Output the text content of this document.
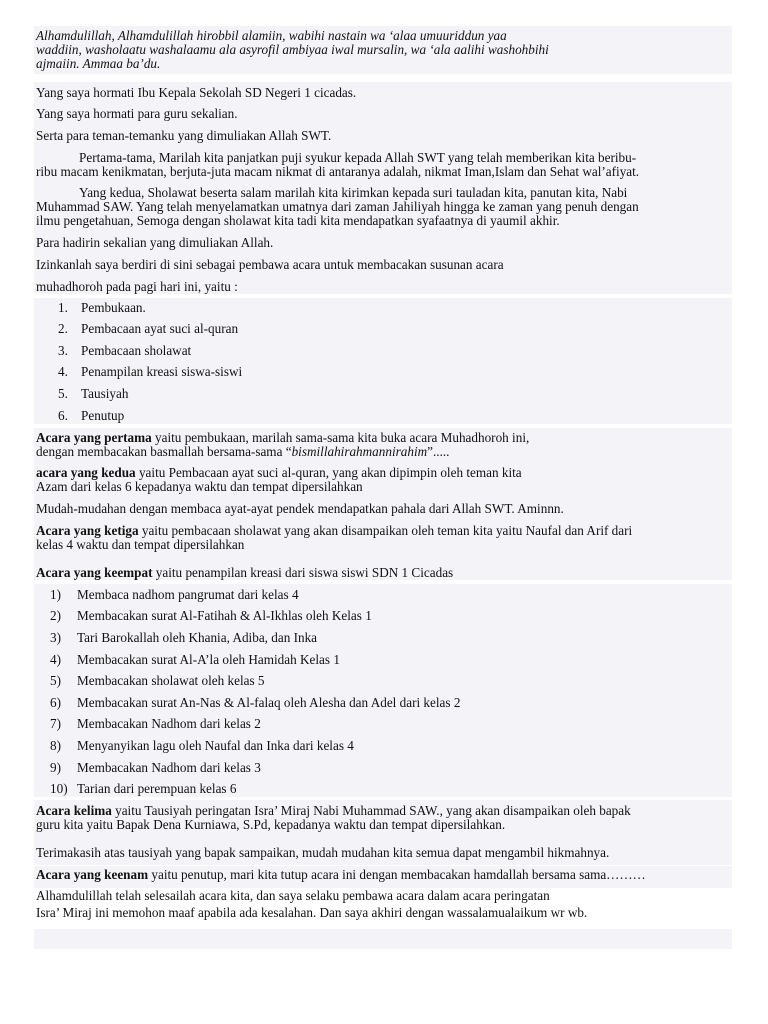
Alhamdulillah, Alhamdulillah hirobbil alamiin, wabihi nastain wa ‘alaa umuuriddun yaa
waddiin, washolaatu washalaamu ala asyrofil ambiyaa iwal mursalin, wa ‘ala aalihi washohbihi
ajmaiin. Ammaa ba’du.
Yang saya hormati Ibu Kepala Sekolah SD Negeri 1 cicadas.
Yang saya hormati para guru sekalian.
Serta para teman-temanku yang dimuliakan Allah SWT.
Pertama-tama, Marilah kita panjatkan puji syukur kepada Allah SWT yang telah memberikan kita beribu-
ribu macam kenikmatan, berjuta-juta macam nikmat di antaranya adalah, nikmat Iman,Islam dan Sehat wal’afiyat.
Yang kedua, Sholawat beserta salam marilah kita kirimkan kepada suri tauladan kita, panutan kita, Nabi
Muhammad SAW. Yang telah menyelamatkan umatnya dari zaman Jahiliyah hingga ke zaman yang penuh dengan
ilmu pengetahuan, Semoga dengan sholawat kita tadi kita mendapatkan syafaatnya di yaumil akhir.
Para hadirin sekalian yang dimuliakan Allah.
Izinkanlah saya berdiri di sini sebagai pembawa acara untuk membacakan susunan acara
muhadhoroh pada pagi hari ini, yaitu :
1. Pembukaan.
2. Pembacaan ayat suci al-quran
3. Pembacaan sholawat
4. Penampilan kreasi siswa-siswi
5. Tausiyah
6. Penutup
Acara yang pertama yaitu pembukaan, marilah sama-sama kita buka acara Muhadhoroh ini,
dengan membacakan basmallah bersama-sama “bismillahirahmannirahim”.....
acara yang kedua yaitu Pembacaan ayat suci al-quran, yang akan dipimpin oleh teman kita
Azam dari kelas 6 kepadanya waktu dan tempat dipersilahkan
Mudah-mudahan dengan membaca ayat-ayat pendek mendapatkan pahala dari Allah SWT. Aminnn.
Acara yang ketiga yaitu pembacaan sholawat yang akan disampaikan oleh teman kita yaitu Naufal dan Arif dari
kelas 4 waktu dan tempat dipersilahkan
Acara yang keempat yaitu penampilan kreasi dari siswa siswi SDN 1 Cicadas
1) Membaca nadhom pangrumat dari kelas 4
2) Membacakan surat Al-Fatihah & Al-Ikhlas oleh Kelas 1
3) Tari Barokallah oleh Khania, Adiba, dan Inka
4) Membacakan surat Al-A’la oleh Hamidah Kelas 1
5) Membacakan sholawat oleh kelas 5
6) Membacakan surat An-Nas & Al-falaq oleh Alesha dan Adel dari kelas 2
7) Membacakan Nadhom dari kelas 2
8) Menyanyikan lagu oleh Naufal dan Inka dari kelas 4
9) Membacakan Nadhom dari kelas 3
10) Tarian dari perempuan kelas 6
Acara kelima yaitu Tausiyah peringatan Isra’ Miraj Nabi Muhammad SAW., yang akan disampaikan oleh bapak
guru kita yaitu Bapak Dena Kurniawa, S.Pd, kepadanya waktu dan tempat dipersilahkan.
Terimakasih atas tausiyah yang bapak sampaikan, mudah mudahan kita semua dapat mengambil hikmahnya.
Acara yang keenam yaitu penutup, mari kita tutup acara ini dengan membacakan hamdallah bersama sama………
Alhamdulillah telah selesailah acara kita, dan saya selaku pembawa acara dalam acara peringatan
Isra’ Miraj ini memohon maaf apabila ada kesalahan. Dan saya akhiri dengan wassalamualaikum wr wb.
